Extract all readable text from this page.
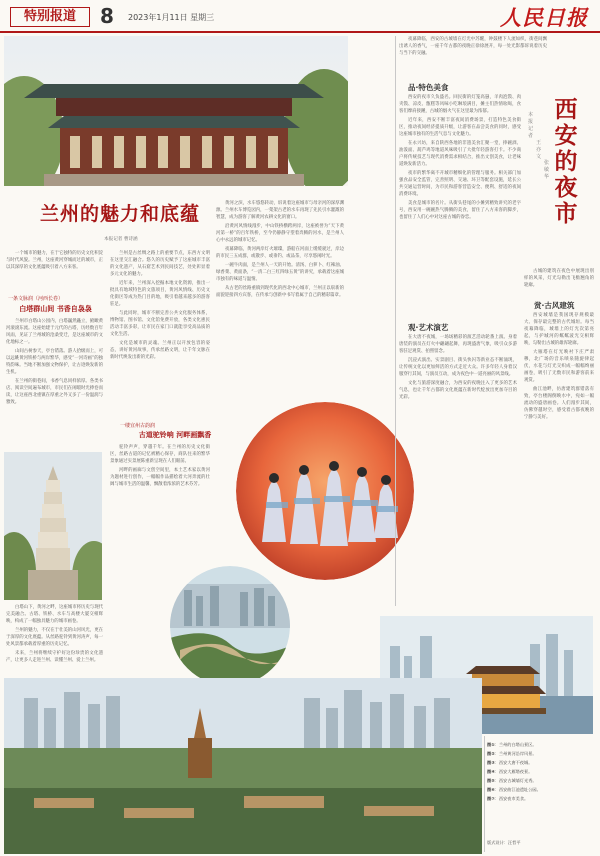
特别报道	8 2023年1月11日 星期三	人民日报

夜幕降临，西安的古城墙在灯光中苏醒，钟鼓楼下人流如织，街巷间飘出诱人的香气，一座千年古都的夜晚正徐徐展开，每一处光影都诉说着历史与当下的交融。

西安的夜市
本报记者
王亦文
张敏华
品·特色美食

西安的夜市久负盛名。回民街的灯笼高悬，羊肉泡馍、肉夹馍、凉皮、甑糕等风味小吃琳琅满目，摊主们热情吆喝，食客们摩肩接踵，古城的烟火气在这里最为浓郁。

近年来，西安不断丰富夜间消费场景，打造特色美食街区，推动夜间经济提质升级，让游客在品尝美食的同时，感受这座城市独有的生活气息与文化魅力。

在永兴坊，来自陕西各地的非遗美食汇聚一堂，摔碗酒、油泼面、葫芦鸡等地道风味吸引了大批年轻游客打卡。不少商户将传统技艺与现代消费需求相结合，推出文创美食，让老味道焕发新活力。

夜市的繁华离不开城市精细化的管理与服务。相关部门加强食品安全监管，完善照明、交通、环卫等配套设施，延长公共交通运营时间，为市民和游客营造安全、便利、舒适的夜间消费环境。

美食是城市的名片。从街头巷尾的小摊到精致讲究的老字号，西安用一碗碗热气腾腾的美食，留住了八方来客的脚步，也留住了人们心中对这座古城的眷恋。

观·艺术演艺

在大唐不夜城，一场场精彩的演艺活动轮番上演。身着唐装的演员在灯火中翩翩起舞，再现盛唐气象，吸引众多游客驻足观赏、拍照留念。

沉浸式演出、实景剧目、街头快闪等新业态不断涌现，让传统文化以更加鲜活的方式走近大众。许多年轻人身着汉服穿行其间，与演员互动，成为夜色中一道亮丽的风景线。

文化与旅游深度融合，为西安的夜晚注入了更多的艺术气息，也让千年古都的文化底蕴在新时代绽放出更加夺目的光彩。

古城的建筑在夜色中展现出别样的风采，灯光勾勒出飞檐翘角的轮廓。

赏·古风建筑

西安城墙是我国现存规模最大、保存最完整的古代城垣。每当夜幕降临，城墙上的灯光次第亮起，与护城河的粼粼波光交相辉映，勾勒出古城的雄浑轮廓。

大雁塔在灯光映衬下庄严肃穆，北广场的音乐喷泉随旋律起伏，水花与灯光交织成一幅幅绚丽画卷，吸引了无数市民和游客前来观赏。

曲江池畔，仿唐建筑群错落有致，亭台楼阁倒映水中，宛如一幅流动的盛唐画卷。人们漫步其间，仿佛穿越时空，感受着古都夜晚的宁静与美好。

兰州的魅力和底蕴
本报记者 曹诗涵

一个城市的魅力，在于它独特的历史文化积淀与时代风貌。兰州，这座黄河穿城而过的城市，正以其深厚的文化底蕴吸引着八方来客。

一条文脉润（河西长卷）
白塔群山间 书香自袅袅

兰州市白塔山公园内，白塔巍然矗立，俯瞰黄河滚滚东流。这座始建于元代的古塔，历经数百年风雨，见证了兰州城的沧桑变迁，是这座城市的文化地标之一。

山间古树参天，亭台错落。游人拾级而上，可以远眺黄河铁桥与两岸繁华，感受“一河诗画”的独特韵味。当地不断加强文物保护，让古迹焕发新的生机。

在兰州的街巷间，书香气息同样浓厚。各类书店、阅读空间遍布城市，市民们在闲暇时光捧卷而读，让这座西北重镇在厚重之外又多了一份温润与雅致。

兰州是古丝绸之路上的重要节点，东西方文明在这里交汇融合。悠久的历史赋予了这座城市丰富的文化遗产，从石窟艺术到民间技艺，处处彰显着多元文化的魅力。

近年来，兰州深入挖掘本地文化资源，推出一批具有地域特色的文旅项目，黄河风情线、历史文化街区等成为热门目的地，吸引着越来越多的游客驻足。

与此同时，城市不断完善公共文化服务体系，博物馆、图书馆、文化馆免费开放，各类文化惠民活动丰富多彩，让市民在家门口就能享受高品质的文化生活。

文化是城市的灵魂。兰州正以开放包容的姿态，讲好黄河故事，传承丝路文明，让千年文脉在新时代焕发出新的光彩。

黄河之滨，水车悠悠转动，诉说着这座城市与母亲河的深厚渊源。兰州水车博览园内，一架架古老的水车再现了先民引水灌溉的智慧，成为游客了解黄河农耕文化的窗口。

沿黄河风情线漫步，中山铁桥横跨两岸，这座被誉为“天下黄河第一桥”的百年铁桥，至今仍静静守望着奔腾的河水，是兰州人心中永远的城市记忆。

夜幕降临，黄河两岸灯火璀璨，游船在河面上缓缓驶过，岸边的市民三五成群，或散步、或垂钓、或品茶，尽享悠闲时光。

一碗牛肉面，是兰州人一天的开始。清汤、白萝卜、红辣油、绿香菜、黄面条，“一清二白三红四绿五黄”的讲究，承载着这座城市独有的味道与温情。

从古老的丝路重镇到现代化的西北中心城市，兰州正以崭新的面貌迎接四方宾客，在传承与创新中书写着属于自己的精彩篇章。

一缕宜州古韵润
古道驼铃响 河畔画飘香

驼铃声声，穿越千年。在兰州的历史文化街区，丝路古道的记忆被精心保存，商队往来的繁华景象通过实景展陈重新呈现在人们眼前。

河畔的画廊与文创空间里，本土艺术家以黄河为题材进行创作，一幅幅作品描绘着大河奔流的壮阔与城市生活的温馨，飘散着浓浓的艺术芬芳。

白塔山下，黄河之畔，这座城市将历史与现代完美融合。古塔、铁桥、水车与高楼大厦交相辉映，构成了一幅独具魅力的城市画卷。

兰州的魅力，不仅在于壮美的山河风光，更在于深厚的文化底蕴。从丝路驼铃到黄河涛声，每一处风景都承载着厚重的历史记忆。

未来，兰州将继续守护好这份珍贵的文化遗产，让更多人走进兰州、读懂兰州、爱上兰州。

图①：兰州的白塔山景区。
图②：兰州黄河沿岸风景。
图③：西安大唐不夜城。
图④：西安大雁塔夜景。
图⑤：西安古城墙灯光秀。
图⑥：西安曲江池遗址公园。
图⑦：西安夜市美食。
版式设计：汪哲平
